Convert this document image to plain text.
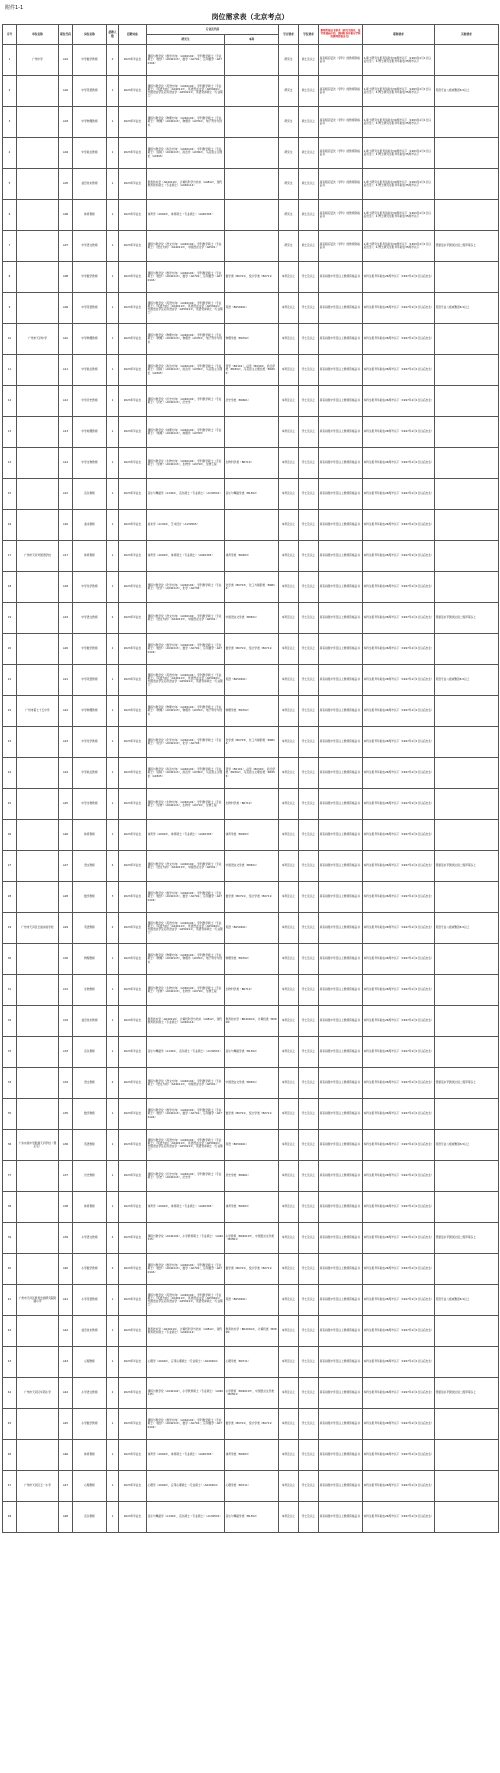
附件1-1
岗位需求表（北京考点）
序号	单位名称	职位代码	岗位名称	招聘人数	招聘对象	专业及代码		学历要求	学位要求	教师资格证书要求（研究生除外，报考普通高中的，须同时具有相应学科的教师资格证书）	职称要求	其他要求
						研究生	本科					
1	广州中学	A01	中学数学教师	2	2023年毕业生	课程与教学论（数学方向）（A040102），学科教学硕士（专业硕士）（数学）（A040113），数学（A0701），应用数学（A070104）		研究生	硕士及以上	具有相应层次（学科）的教师资格证书	1.硕士研究生报考年龄在30周岁以下（1993年1月1日以后出生）；2.博士研究生报考年龄在35周岁以下	
2		A02	中学英语教师	1	2023年毕业生	课程与教学论（英语方向）（A040102），学科教学硕士（专业硕士）（英语方向）（A040113），英语语言文学（A050201），外国语言学及应用语言学（A050211），英语笔译硕士（专业硕士）		研究生	硕士及以上	具有相应层次（学科）的教师资格证书	1.硕士研究生报考年龄在30周岁以下（1993年1月1日以后出生）；2.博士研究生报考年龄在35周岁以下	英语专业八级或雅思6.5以上
3		A03	中学物理教师	1	2023年毕业生	课程与教学论（物理方向）（A040102），学科教学硕士（专业硕士）（物理）（A040113），物理学（A0702），电子科学与技术		研究生	硕士及以上	具有相应层次（学科）的教师资格证书	1.硕士研究生报考年龄在30周岁以下（1993年1月1日以后出生）；2.博士研究生报考年龄在35周岁以下	
4		A04	中学政治教师	1	2023年毕业生	课程与教学论（政治方向）（A040102），学科教学硕士（专业硕士）（思政）（A040113），政治学（A0302），马克思主义理论（A0305）		研究生	硕士及以上	具有相应层次（学科）的教师资格证书	1.硕士研究生报考年龄在30周岁以下（1993年1月1日以后出生）；2.博士研究生报考年龄在35周岁以下	
5		A05	信息技术教师	1	2023年毕业生	教育技术学（A040110），计算机科学与技术（A0812），现代教育技术硕士（专业硕士）（A040114）		研究生	硕士及以上	具有相应层次（学科）的教师资格证书	1.硕士研究生报考年龄在30周岁以下（1993年1月1日以后出生）；2.博士研究生报考年龄在35周岁以下	
6		A06	体育教师	1	2023年毕业生	体育学（A0403），体育硕士（专业硕士）（A040305）		研究生	硕士及以上	具有相应层次（学科）的教师资格证书	1.硕士研究生报考年龄在30周岁以下（1993年1月1日以后出生）；2.博士研究生报考年龄在35周岁以下	
7		A07	中学语文教师	1	2023年毕业生	课程与教学论（语文方向）（A040102），学科教学硕士（专业硕士）（语文方向）（A040113），中国语言文学（A0501）		研究生	硕士及以上	具有相应层次（学科）的教师资格证书	1.硕士研究生报考年龄在30周岁以下（1993年1月1日以后出生）；2.博士研究生报考年龄在35周岁以下	普通话水平测试达到二级甲等以上
8		A08	中学数学教师	1	2023年毕业生	课程与教学论（数学方向）（A040102），学科教学硕士（专业硕士）（数学）（A040113），数学（A0701），应用数学（A070104）	数学类（B0701），统计学类（B0711）	本科及以上	学士及以上	具有初级中学及以上教师资格证书	本科生报考年龄在26周岁以下（1997年1月1日以后出生）	
9		A09	中学英语教师	1	2023年毕业生	课程与教学论（英语方向）（A040102），学科教学硕士（专业硕士）（英语方向）（A040113），英语语言文学（A050201），外国语言学及应用语言学（A050211），英语笔译硕士（专业硕士）	英语（B050201）	本科及以上	学士及以上	具有初级中学及以上教师资格证书	本科生报考年龄在26周岁以下（1997年1月1日以后出生）	英语专业八级或雅思6.5以上
10	广州市天河中学	A10	中学物理教师	1	2023年毕业生	课程与教学论（物理方向）（A040102），学科教学硕士（专业硕士）（物理）（A040113），物理学（A0702），电子科学与技术	物理学类（B0702）	本科及以上	学士及以上	具有初级中学及以上教师资格证书	本科生报考年龄在26周岁以下（1997年1月1日以后出生）	
11		A11	中学政治教师	1	2023年毕业生	课程与教学论（政治方向）（A040102），学科教学硕士（专业硕士）（思政）（A040113），政治学（A0302），马克思主义理论（A0305）	哲学（B0101），法学（B0301），政治学类（B0302），马克思主义理论类（B0305）	本科及以上	学士及以上	具有初级中学及以上教师资格证书	本科生报考年龄在26周岁以下（1997年1月1日以后出生）	
12		A12	中学历史教师	1	2023年毕业生	课程与教学论（历史方向）（A040102），学科教学硕士（专业硕士）（历史）（A040113），历史学	历史学类（B0601）	本科及以上	学士及以上	具有初级中学及以上教师资格证书	本科生报考年龄在26周岁以下（1997年1月1日以后出生）	
13		A13	中学地理教师	1	2023年毕业生	课程与教学论（地理方向）（A040102），学科教学硕士（专业硕士）（地理）（A040113），地理学（A0705）		本科及以上	学士及以上	具有初级中学及以上教师资格证书	本科生报考年龄在26周岁以下（1997年1月1日以后出生）	
14		A14	中学生物教师	1	2023年毕业生	课程与教学论（生物方向）（A040102），学科教学硕士（专业硕士）（生物）（A040113），生物学（A0710），生物工程	生物科学类（B0710）	本科及以上	学士及以上	具有初级中学及以上教师资格证书	本科生报考年龄在26周岁以下（1997年1月1日以后出生）	
15		A15	音乐教师	1	2023年毕业生	音乐与舞蹈学（A1302），音乐硕士（专业硕士）（A130501）	音乐与舞蹈学类（B1302）	本科及以上	学士及以上	具有初级中学及以上教师资格证书	本科生报考年龄在26周岁以下（1997年1月1日以后出生）	
16		A16	美术教师	1	2023年毕业生	美术学（A1304），艺术设计（A130505）		本科及以上	学士及以上	具有初级中学及以上教师资格证书	本科生报考年龄在26周岁以下（1997年1月1日以后出生）	
17	广州市天河外国语学校	A17	体育教师	1	2023年毕业生	体育学（A0403），体育硕士（专业硕士）（A040305）	体育学类（B0403）	本科及以上	学士及以上	具有初级中学及以上教师资格证书	本科生报考年龄在26周岁以下（1997年1月1日以后出生）	
18		A18	中学化学教师	1	2023年毕业生	课程与教学论（化学方向）（A040102），学科教学硕士（专业硕士）（化学）（A040113），化学（A0703）	化学类（B0703），化工与制药类（B0814）	本科及以上	学士及以上	具有初级中学及以上教师资格证书	本科生报考年龄在26周岁以下（1997年1月1日以后出生）	
19		A19	中学语文教师	2	2023年毕业生	课程与教学论（语文方向）（A040102），学科教学硕士（专业硕士）（语文方向）（A040113），中国语言文学（A0501）	中国语言文学类（B0501）	本科及以上	学士及以上	具有初级中学及以上教师资格证书	本科生报考年龄在26周岁以下（1997年1月1日以后出生）	普通话水平测试达到二级甲等以上
20		A20	中学数学教师	2	2023年毕业生	课程与教学论（数学方向）（A040102），学科教学硕士（专业硕士）（数学）（A040113），数学（A0701），应用数学（A070104）	数学类（B0701），统计学类（B0711）	本科及以上	学士及以上	具有初级中学及以上教师资格证书	本科生报考年龄在26周岁以下（1997年1月1日以后出生）	
21		A21	中学英语教师	1	2023年毕业生	课程与教学论（英语方向）（A040102），学科教学硕士（专业硕士）（英语方向）（A040113），英语语言文学（A050201），外国语言学及应用语言学（A050211），英语笔译硕士（专业硕士）	英语（B050201）	本科及以上	学士及以上	具有初级中学及以上教师资格证书	本科生报考年龄在26周岁以下（1997年1月1日以后出生）	英语专业八级或雅思6.5以上
22	广州市第七十五中学	A22	中学物理教师	1	2023年毕业生	课程与教学论（物理方向）（A040102），学科教学硕士（专业硕士）（物理）（A040113），物理学（A0702），电子科学与技术	物理学类（B0702）	本科及以上	学士及以上	具有初级中学及以上教师资格证书	本科生报考年龄在26周岁以下（1997年1月1日以后出生）	
23		A23	中学化学教师	1	2023年毕业生	课程与教学论（化学方向）（A040102），学科教学硕士（专业硕士）（化学）（A040113），化学（A0703）	化学类（B0703），化工与制药类（B0814）	本科及以上	学士及以上	具有初级中学及以上教师资格证书	本科生报考年龄在26周岁以下（1997年1月1日以后出生）	
24		A24	中学政治教师	1	2023年毕业生	课程与教学论（政治方向）（A040102），学科教学硕士（专业硕士）（思政）（A040113），政治学（A0302），马克思主义理论（A0305）	哲学（B0101），法学（B0301），政治学类（B0302），马克思主义理论类（B0305）	本科及以上	学士及以上	具有初级中学及以上教师资格证书	本科生报考年龄在26周岁以下（1997年1月1日以后出生）	
25		A25	中学生物教师	1	2023年毕业生	课程与教学论（生物方向）（A040102），学科教学硕士（专业硕士）（生物）（A040113），生物学（A0710），生物工程	生物科学类（B0710）	本科及以上	学士及以上	具有初级中学及以上教师资格证书	本科生报考年龄在26周岁以下（1997年1月1日以后出生）	
26		A26	体育教师	1	2023年毕业生	体育学（A0403），体育硕士（专业硕士）（A040305）	体育学类（B0403）	本科及以上	学士及以上	具有初级中学及以上教师资格证书	本科生报考年龄在26周岁以下（1997年1月1日以后出生）	
27		A27	语文教师	4	2023年毕业生	课程与教学论（语文方向）（A040102），学科教学硕士（专业硕士）（语文方向）（A040113），中国语言文学（A0501）	中国语言文学类（B0501）	本科及以上	学士及以上	具有初级中学及以上教师资格证书	本科生报考年龄在26周岁以下（1997年1月1日以后出生）	普通话水平测试达到二级甲等以上
28		A28	数学教师	3	2023年毕业生	课程与教学论（数学方向）（A040102），学科教学硕士（专业硕士）（数学）（A040113），数学（A0701），应用数学（A070104）	数学类（B0701），统计学类（B0711）	本科及以上	学士及以上	具有初级中学及以上教师资格证书	本科生报考年龄在26周岁以下（1997年1月1日以后出生）	
29	广州市天河区长湴实验学校	A29	英语教师	2	2023年毕业生	课程与教学论（英语方向）（A040102），学科教学硕士（专业硕士）（英语方向）（A040113），英语语言文学（A050201），外国语言学及应用语言学（A050211），英语笔译硕士（专业硕士）	英语（B050201）	本科及以上	学士及以上	具有初级中学及以上教师资格证书	本科生报考年龄在26周岁以下（1997年1月1日以后出生）	英语专业八级或雅思6.5以上
30		A30	物理教师	1	2023年毕业生	课程与教学论（物理方向）（A040102），学科教学硕士（专业硕士）（物理）（A040113），物理学（A0702），电子科学与技术	物理学类（B0702）	本科及以上	学士及以上	具有初级中学及以上教师资格证书	本科生报考年龄在26周岁以下（1997年1月1日以后出生）	
31		A31	生物教师	1	2023年毕业生	课程与教学论（生物方向）（A040102），学科教学硕士（专业硕士）（生物）（A040113），生物学（A0710），生物工程	生物科学类（B0710）	本科及以上	学士及以上	具有初级中学及以上教师资格证书	本科生报考年龄在26周岁以下（1997年1月1日以后出生）	
32		A32	信息技术教师	1	2023年毕业生	教育技术学（A040110），计算机科学与技术（A0812），现代教育技术硕士（专业硕士）（A040114）	教育技术学（B040104），计算机类（B0809）	本科及以上	学士及以上	具有初级中学及以上教师资格证书	本科生报考年龄在26周岁以下（1997年1月1日以后出生）	
33		A33	音乐教师	1	2023年毕业生	音乐与舞蹈学（A1302），音乐硕士（专业硕士）（A130501）	音乐与舞蹈学类（B1302）	本科及以上	学士及以上	具有初级中学及以上教师资格证书	本科生报考年龄在26周岁以下（1997年1月1日以后出生）	
34		A34	语文教师	2	2023年毕业生	课程与教学论（语文方向）（A040102），学科教学硕士（专业硕士）（语文方向）（A040113），中国语言文学（A0501）	中国语言文学类（B0501）	本科及以上	学士及以上	具有初级中学及以上教师资格证书	本科生报考年龄在26周岁以下（1997年1月1日以后出生）	普通话水平测试达到二级甲等以上
35		A35	数学教师	1	2023年毕业生	课程与教学论（数学方向）（A040102），学科教学硕士（专业硕士）（数学）（A040113），数学（A0701），应用数学（A070104）	数学类（B0701），统计学类（B0711）	本科及以上	学士及以上	具有初级中学及以上教师资格证书	本科生报考年龄在26周岁以下（1997年1月1日以后出生）	
36	广东实验中学附属天河学校（暂定名）	A36	英语教师	1	2023年毕业生	课程与教学论（英语方向）（A040102），学科教学硕士（专业硕士）（英语方向）（A040113），英语语言文学（A050201），外国语言学及应用语言学（A050211），英语笔译硕士（专业硕士）	英语（B050201）	本科及以上	学士及以上	具有初级中学及以上教师资格证书	本科生报考年龄在26周岁以下（1997年1月1日以后出生）	英语专业八级或雅思6.5以上
37		A37	历史教师	1	2023年毕业生	课程与教学论（历史方向）（A040102），学科教学硕士（专业硕士）（历史）（A040113），历史学	历史学类（B0601）	本科及以上	学士及以上	具有初级中学及以上教师资格证书	本科生报考年龄在26周岁以下（1997年1月1日以后出生）	
38		A38	体育教师	1	2023年毕业生	体育学（A0403），体育硕士（专业硕士）（A040305）	体育学类（B0403）	本科及以上	学士及以上	具有初级中学及以上教师资格证书	本科生报考年龄在26周岁以下（1997年1月1日以后出生）	
39		A39	小学语文教师	4	2023年毕业生	课程与教学论（A040102），小学教育硕士（专业硕士）（A040115）	小学教育（B040107），中国语言文学类（B0501）	本科及以上	学士及以上	具有初级中学及以上教师资格证书	本科生报考年龄在26周岁以下（1997年1月1日以后出生）	普通话水平测试达到二级甲等以上
40		A40	小学数学教师	2	2023年毕业生	课程与教学论（数学方向）（A040102），学科教学硕士（专业硕士）（数学）（A040113），数学（A0701），应用数学（A070104）	数学类（B0701），统计学类（B0711）	本科及以上	学士及以上	具有初级中学及以上教师资格证书	本科生报考年龄在26周岁以下（1997年1月1日以后出生）	
41	广州市天河区教育发展研究院附属小学	A41	小学英语教师	1	2023年毕业生	课程与教学论（英语方向）（A040102），学科教学硕士（专业硕士）（英语方向）（A040113），英语语言文学（A050201），外国语言学及应用语言学（A050211），英语笔译硕士（专业硕士）	英语（B050201）	本科及以上	学士及以上	具有初级中学及以上教师资格证书	本科生报考年龄在26周岁以下（1997年1月1日以后出生）	英语专业八级或雅思6.5以上
42		A42	信息技术教师	1	2023年毕业生	教育技术学（A040110），计算机科学与技术（A0812），现代教育技术硕士（专业硕士）（A040114）	教育技术学（B040104），计算机类（B0809）	本科及以上	学士及以上	具有初级中学及以上教师资格证书	本科生报考年龄在26周岁以下（1997年1月1日以后出生）	
43		A43	心理教师	1	2023年毕业生	心理学（A0402），应用心理硕士（专业硕士）（A040204）	心理学类（B0711）	本科及以上	学士及以上	具有初级中学及以上教师资格证书	本科生报考年龄在26周岁以下（1997年1月1日以后出生）	
44	广州市天河区华阳小学	A44	小学语文教师	2	2023年毕业生	课程与教学论（A040102），小学教育硕士（专业硕士）（A040115）	小学教育（B040107），中国语言文学类（B0501）	本科及以上	学士及以上	具有初级中学及以上教师资格证书	本科生报考年龄在26周岁以下（1997年1月1日以后出生）	普通话水平测试达到二级甲等以上
45		A45	小学数学教师	1	2023年毕业生	课程与教学论（数学方向）（A040102），学科教学硕士（专业硕士）（数学）（A040113），数学（A0701），应用数学（A070104）	数学类（B0701），统计学类（B0711）	本科及以上	学士及以上	具有初级中学及以上教师资格证书	本科生报考年龄在26周岁以下（1997年1月1日以后出生）	
46		A46	体育教师	1	2023年毕业生	体育学（A0403），体育硕士（专业硕士）（A040305）	体育学类（B0403）	本科及以上	学士及以上	具有初级中学及以上教师资格证书	本科生报考年龄在26周岁以下（1997年1月1日以后出生）	
47	广州市天河区五一小学	A47	心理教师	1	2023年毕业生	心理学（A0402），应用心理硕士（专业硕士）（A040204）	心理学类（B0711）	本科及以上	学士及以上	具有初级中学及以上教师资格证书	本科生报考年龄在26周岁以下（1997年1月1日以后出生）	
48		A48	音乐教师	1	2023年毕业生	音乐与舞蹈学（A1302），音乐硕士（专业硕士）（A130501）	音乐与舞蹈学类（B1302）	本科及以上	学士及以上	具有初级中学及以上教师资格证书	本科生报考年龄在26周岁以下（1997年1月1日以后出生）	
